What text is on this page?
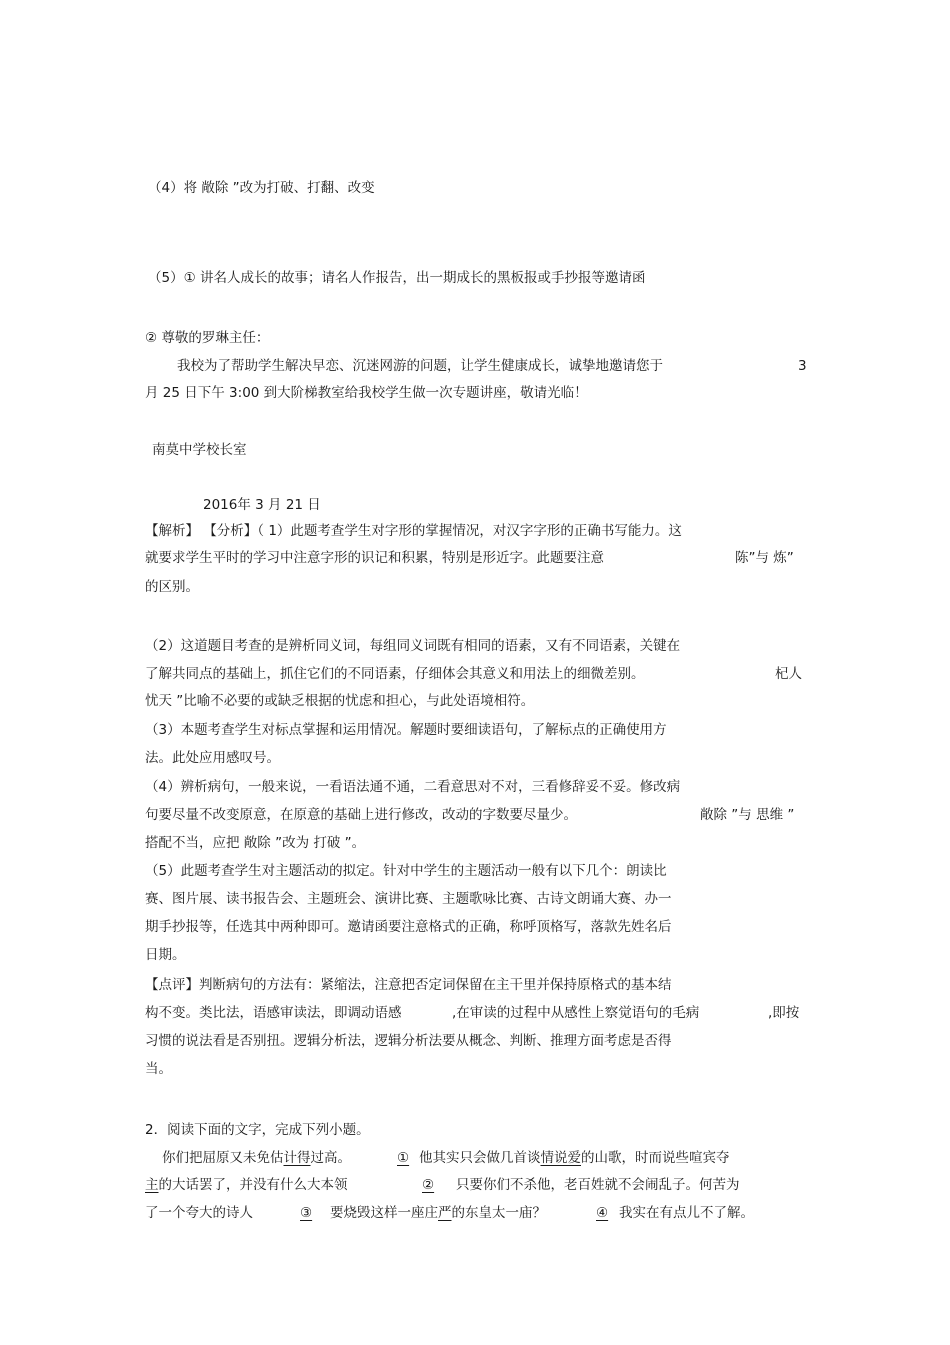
（4）将 敞除 ”改为打破、打翻、改变
（5）① 讲名人成长的故事；请名人作报告，出一期成长的黑板报或手抄报等邀请函
② 尊敬的罗琳主任：
我校为了帮助学生解决早恋、沉迷网游的问题，让学生健康成长，诚挚地邀请您于	3
月 25 日下午 3:00 到大阶梯教室给我校学生做一次专题讲座，敬请光临！
南莫中学校长室
2016年 3 月 21 日
【解析】 【分析】（ 1）此题考查学生对字形的掌握情况，对汉字字形的正确书写能力。这
就要求学生平时的学习中注意字形的识记和积累，特别是形近字。此题要注意	陈”与 炼”
的区别。
（2）这道题目考查的是辨析同义词，每组同义词既有相同的语素，又有不同语素，关键在
了解共同点的基础上，抓住它们的不同语素，仔细体会其意义和用法上的细微差别。	杞人
忧天 ”比喻不必要的或缺乏根据的忧虑和担心，与此处语境相符。
（3）本题考查学生对标点掌握和运用情况。解题时要细读语句，了解标点的正确使用方
法。此处应用感叹号。
（4）辨析病句，一般来说，一看语法通不通，二看意思对不对，三看修辞妥不妥。修改病
句要尽量不改变原意，在原意的基础上进行修改，改动的字数要尽量少。	敞除 ”与 思维 ”
搭配不当，应把 敞除 ”改为 打破 ”。
（5）此题考查学生对主题活动的拟定。针对中学生的主题活动一般有以下几个：朗读比
赛、图片展、读书报告会、主题班会、演讲比赛、主题歌咏比赛、古诗文朗诵大赛、办一
期手抄报等，任选其中两种即可。邀请函要注意格式的正确，称呼顶格写，落款先姓名后
日期。
【点评】判断病句的方法有：紧缩法，注意把否定词保留在主干里并保持原格式的基本结
构不变。类比法，语感审读法，即调动语感	,在审读的过程中从感性上察觉语句的毛病	,即按
习惯的说法看是否别扭。逻辑分析法，逻辑分析法要从概念、判断、推理方面考虑是否得
当。
2．阅读下面的文字，完成下列小题。
你们把屈原又未免估计得过高。	① 他其实只会做几首谈情说爱的山歌，时而说些喧宾夺
主的大话罢了，并没有什么大本领	② 只要你们不杀他，老百姓就不会闹乱子。何苦为
了一个夸大的诗人	③ 要烧毁这样一座庄严的东皇太一庙？	④ 我实在有点儿不了解。
